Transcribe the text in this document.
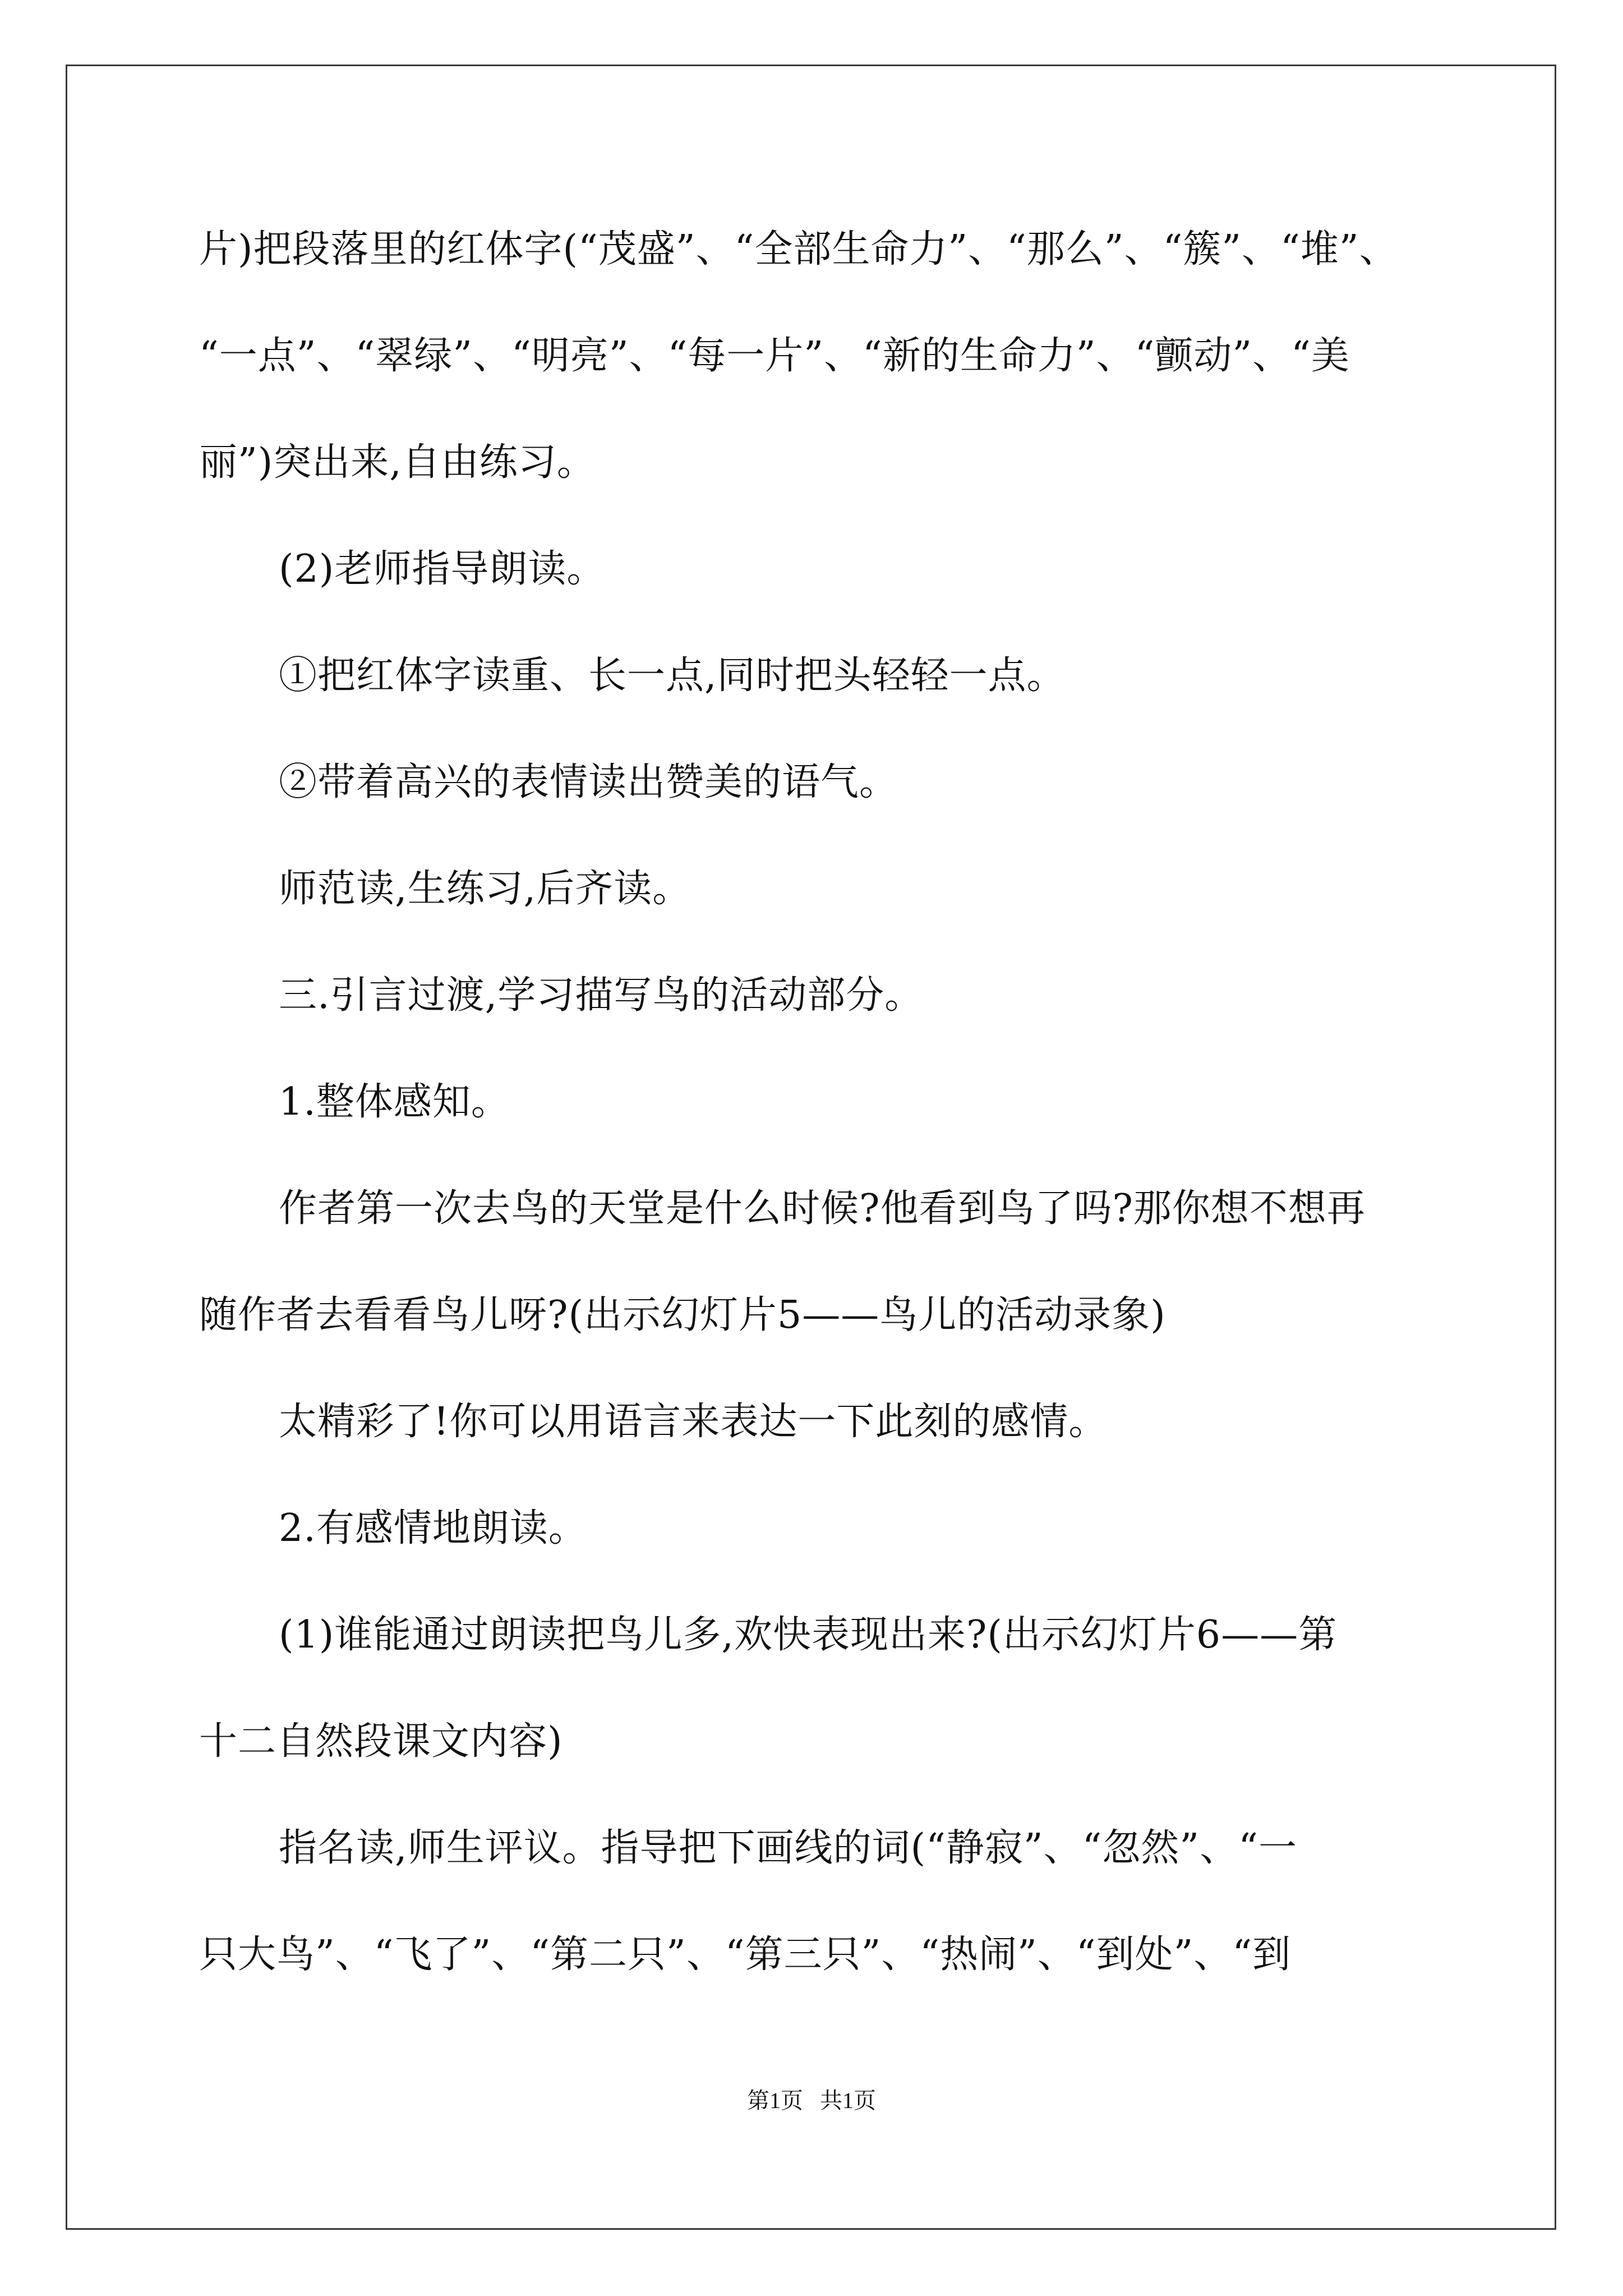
片)把段落里的红体字(“茂盛”、“全部生命力”、“那么”、“簇”、“堆”、
“一点”、“翠绿”、“明亮”、“每一片”、“新的生命力”、“颤动”、“美
丽”)突出来,自由练习。
(2)老师指导朗读。
①把红体字读重、长一点,同时把头轻轻一点。
②带着高兴的表情读出赞美的语气。
师范读,生练习,后齐读。
三.引言过渡,学习描写鸟的活动部分。
1.整体感知。
作者第一次去鸟的天堂是什么时候?他看到鸟了吗?那你想不想再
随作者去看看鸟儿呀?(出示幻灯片5——鸟儿的活动录象)
太精彩了!你可以用语言来表达一下此刻的感情。
2.有感情地朗读。
(1)谁能通过朗读把鸟儿多,欢快表现出来?(出示幻灯片6——第
十二自然段课文内容)
指名读,师生评议。指导把下画线的词(“静寂”、“忽然”、“一
只大鸟”、“飞了”、“第二只”、“第三只”、“热闹”、“到处”、“到
第1页   共1页
